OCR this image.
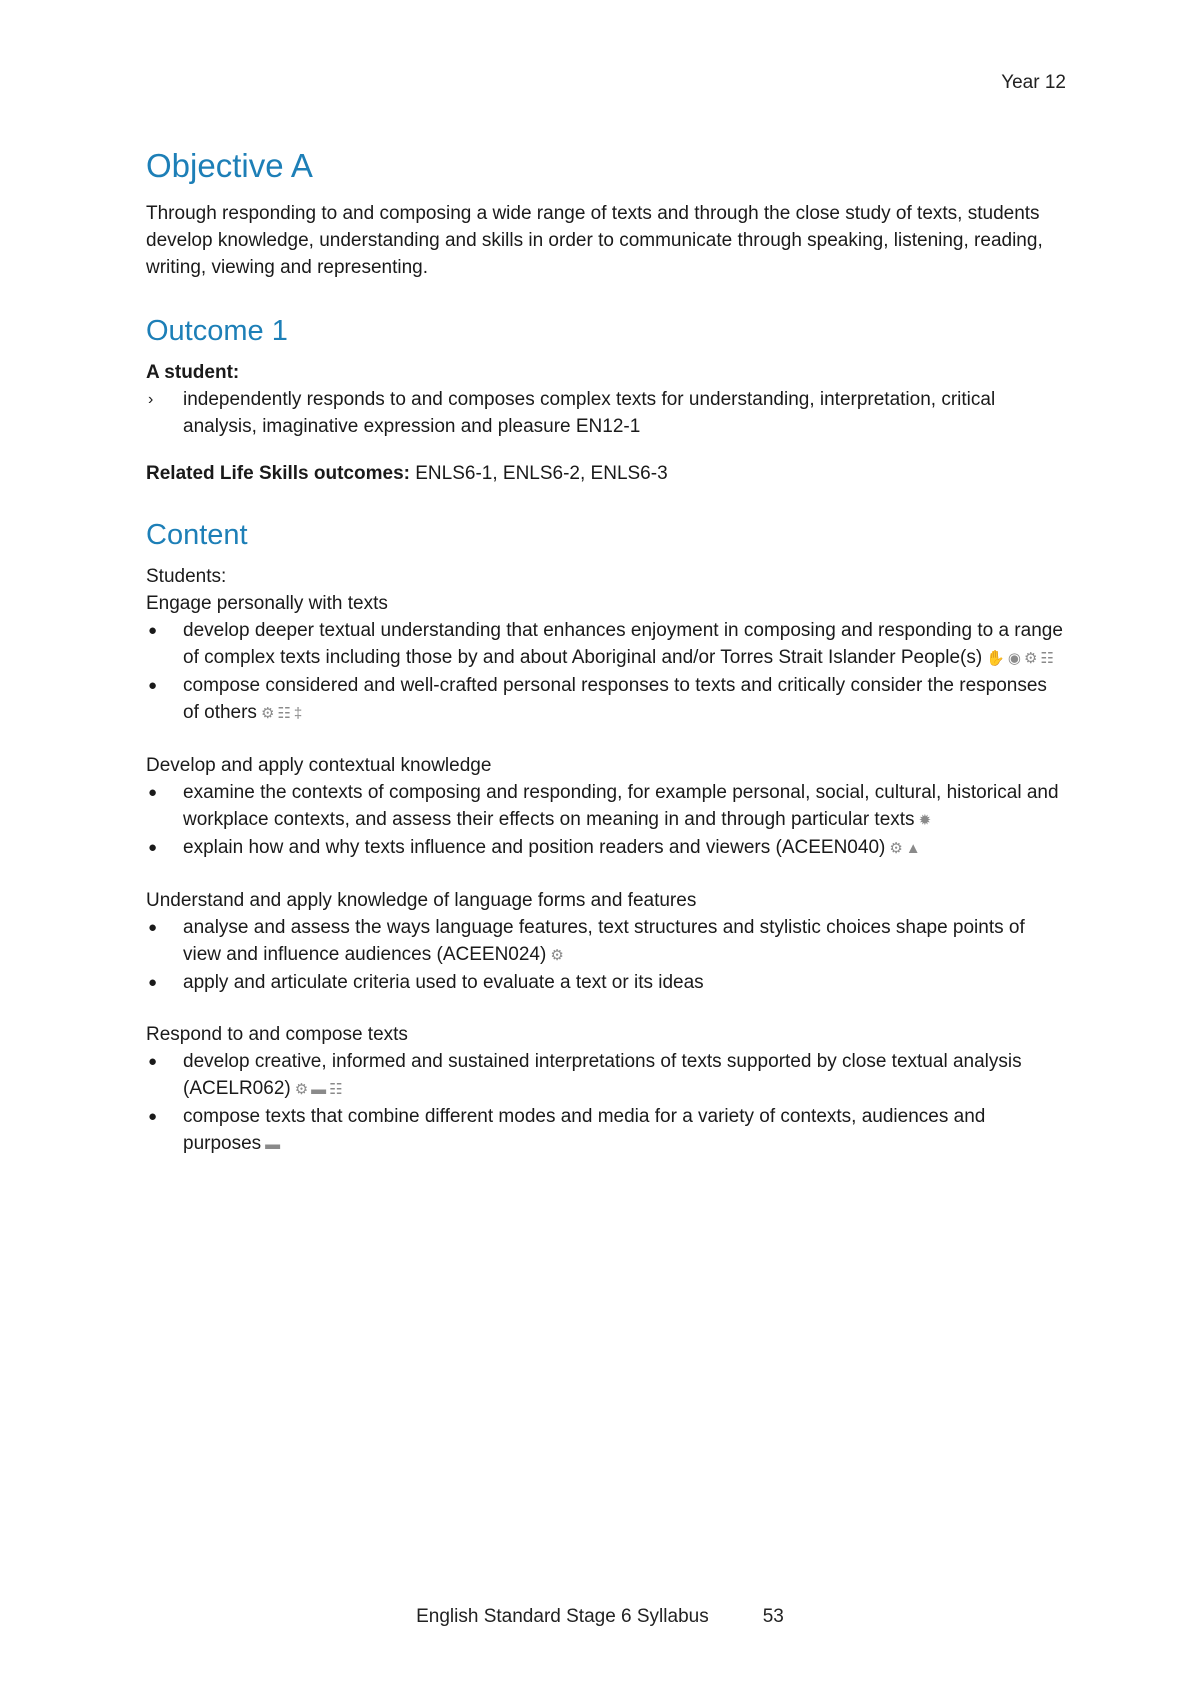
Year 12
Objective A

Through responding to and composing a wide range of texts and through the close study of texts, students develop knowledge, understanding and skills in order to communicate through speaking, listening, reading, writing, viewing and representing.

Outcome 1

A student:

› independently responds to and composes complex texts for understanding, interpretation, critical analysis, imaginative expression and pleasure EN12-1

Related Life Skills outcomes: ENLS6-1, ENLS6-2, ENLS6-3

Content

Students:

Engage personally with texts

● develop deeper textual understanding that enhances enjoyment in composing and responding to a range of complex texts including those by and about Aboriginal and/or Torres Strait Islander People(s) ✋◉⚙☷
● compose considered and well-crafted personal responses to texts and critically consider the responses of others ⚙☷‡

Develop and apply contextual knowledge

● examine the contexts of composing and responding, for example personal, social, cultural, historical and workplace contexts, and assess their effects on meaning in and through particular texts ✹
● explain how and why texts influence and position readers and viewers (ACEEN040) ⚙▲

Understand and apply knowledge of language forms and features

● analyse and assess the ways language features, text structures and stylistic choices shape points of view and influence audiences (ACEEN024) ⚙
● apply and articulate criteria used to evaluate a text or its ideas

Respond to and compose texts

● develop creative, informed and sustained interpretations of texts supported by close textual analysis (ACELR062) ⚙▬☷
● compose texts that combine different modes and media for a variety of contexts, audiences and purposes ▬
English Standard Stage 6 Syllabus	53
